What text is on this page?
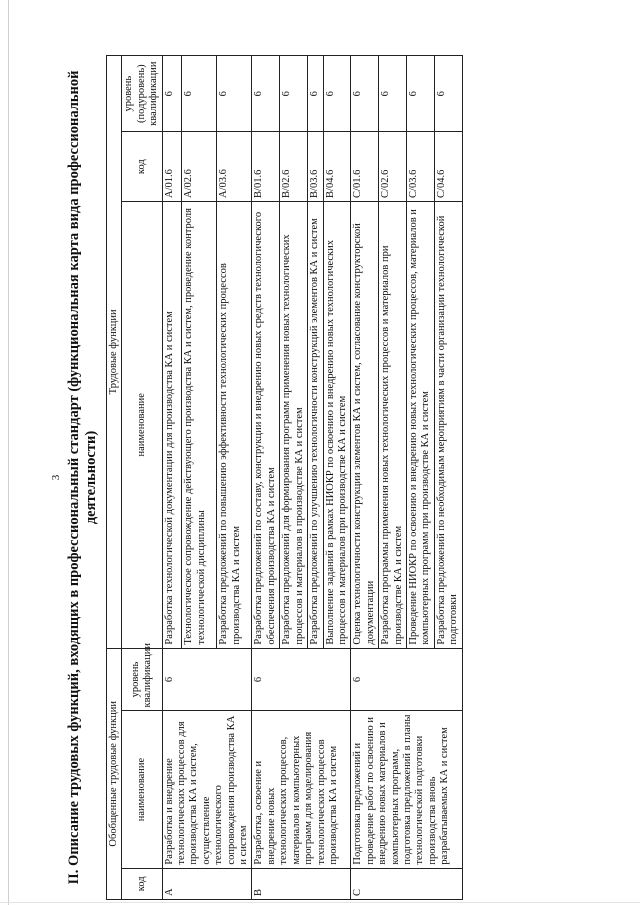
3 II. Описание трудовых функций, входящих в профессиональный стандарт (функциональная карта вида профессиональной деятельности)
Обобщенные трудовые функции			Трудовые функции		
код	наименование	уровень квалификации	наименование	код	уровень (подуровень) квалификации
A	Разработка и внедрение технологических процессов для производства КА и систем, осуществление технологического сопровождения производства КА и систем	6	Разработка технологической документации для производства КА и систем	A/01.6	6
			Технологическое сопровождение действующего производства КА и систем, проведение контроля технологической дисциплины	A/02.6	6
			Разработка предложений по повышению эффективности технологических процессов производства КА и систем	A/03.6	6
B	Разработка, освоение и внедрение новых технологических процессов, материалов и компьютерных программ для моделирования технологических процессов производства КА и систем	6	Разработка предложений по составу, конструкции и внедрению новых средств технологического обеспечения производства КА и систем	B/01.6	6
			Разработка предложений для формирования программ применения новых технологических процессов и материалов в производстве КА и систем	B/02.6	6
			Разработка предложений по улучшению технологичности конструкций элементов КА и систем	B/03.6	6
			Выполнение заданий в рамках НИОКР по освоению и внедрению новых технологических процессов и материалов при производстве КА и систем	B/04.6	6
C	Подготовка предложений и проведение работ по освоению и внедрению новых материалов и компьютерных программ, подготовка предложений в планы технологической подготовки производства вновь разрабатываемых КА и систем	6	Оценка технологичности конструкции элементов КА и систем, согласование конструкторской документации	C/01.6	6
			Разработка программы применения новых технологических процессов и материалов при производстве КА и систем	C/02.6	6
			Проведение НИОКР по освоению и внедрению новых технологических процессов, материалов и компьютерных программ при производстве КА и систем	C/03.6	6
			Разработка предложений по необходимым мероприятиям в части организации технологической подготовки	C/04.6	6
